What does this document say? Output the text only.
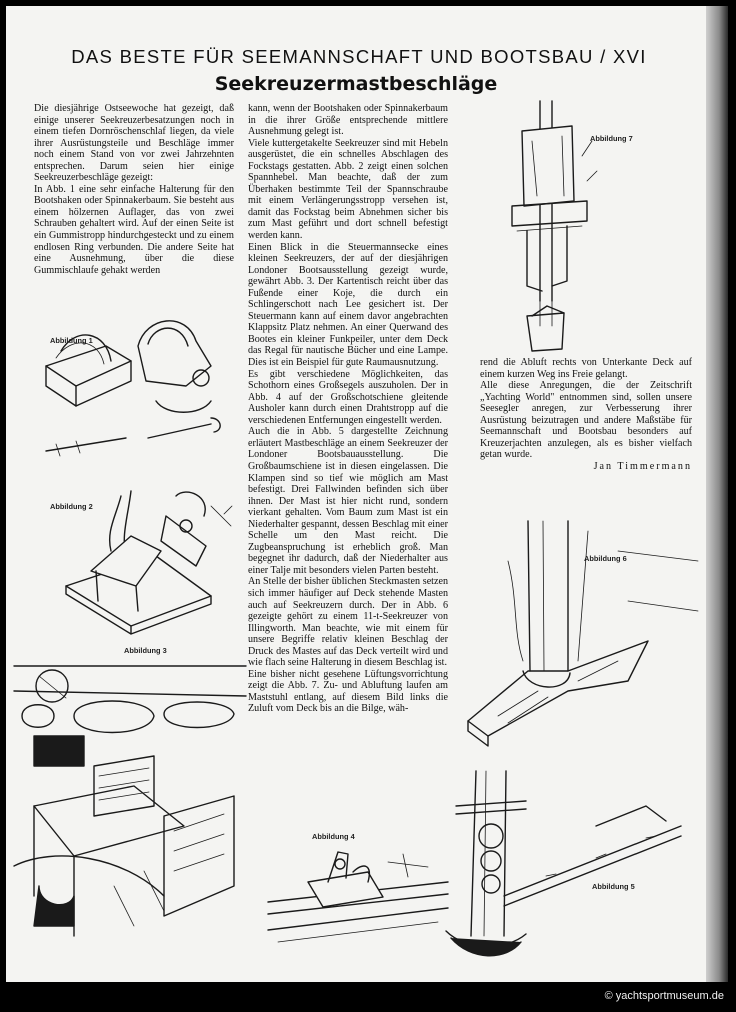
DAS BESTE FÜR SEEMANNSCHAFT UND BOOTSBAU / XVI
Seekreuzermastbeschläge

Die diesjährige Ostseewoche hat gezeigt, daß einige unserer Seekreuzerbesatzungen noch in einem tiefen Dornröschenschlaf liegen, da viele ihrer Ausrüstungsteile und Beschläge immer noch einem Stand von vor zwei Jahrzehnten entsprechen. Darum seien hier einige Seekreuzerbeschläge gezeigt:

In Abb. 1 eine sehr einfache Halterung für den Bootshaken oder Spinnakerbaum. Sie besteht aus einem hölzernen Auflager, das von zwei Schrauben gehaltert wird. Auf der einen Seite ist ein Gummistropp hindurchgesteckt und zu einem endlosen Ring verbunden. Die andere Seite hat eine Ausnehmung, über die diese Gummischlaufe gehakt werden

kann, wenn der Bootshaken oder Spinnakerbaum in die ihrer Größe entsprechende mittlere Ausnehmung gelegt ist.

Viele kuttergetakelte Seekreuzer sind mit Hebeln ausgerüstet, die ein schnelles Abschlagen des Fockstags gestatten. Abb. 2 zeigt einen solchen Spannhebel. Man beachte, daß der zum Überhaken bestimmte Teil der Spannschraube mit einem Verlängerungsstropp versehen ist, damit das Fockstag beim Abnehmen sicher bis zum Mast geführt und dort schnell befestigt werden kann.

Einen Blick in die Steuermannsecke eines kleinen Seekreuzers, der auf der diesjährigen Londoner Bootsausstellung gezeigt wurde, gewährt Abb. 3. Der Kartentisch reicht über das Fußende einer Koje, die durch ein Schlingerschott nach Lee gesichert ist. Der Steuermann kann auf einem davor angebrachten Klappsitz Platz nehmen. An einer Querwand des Bootes ein kleiner Funkpeiler, unter dem Deck das Regal für nautische Bücher und eine Lampe. Dies ist ein Beispiel für gute Raumausnutzung.

Es gibt verschiedene Möglichkeiten, das Schothorn eines Großsegels auszuholen. Der in Abb. 4 auf der Großschotschiene gleitende Ausholer kann durch einen Drahtstropp auf die verschiedenen Entfernungen eingestellt werden.

Auch die in Abb. 5 dargestellte Zeichnung erläutert Mastbeschläge an einem Seekreuzer der Londoner Bootsbauausstellung. Die Großbaumschiene ist in diesen eingelassen. Die Klampen sind so tief wie möglich am Mast befestigt. Drei Fallwinden befinden sich über ihnen. Der Mast ist hier nicht rund, sondern vierkant gehalten. Vom Baum zum Mast ist ein Niederhalter gespannt, dessen Beschlag mit einer Schelle um den Mast reicht. Die Zugbeanspruchung ist erheblich groß. Man begegnet ihr dadurch, daß der Niederhalter aus einer Talje mit besonders vielen Parten besteht.

An Stelle der bisher üblichen Steckmasten setzen sich immer häufiger auf Deck stehende Masten auch auf Seekreuzern durch. Der in Abb. 6 gezeigte gehört zu einem 11-t-Seekreuzer von Illingworth. Man beachte, wie mit einem für unsere Begriffe relativ kleinen Beschlag der Druck des Mastes auf das Deck verteilt wird und wie flach seine Halterung in diesem Beschlag ist.

Eine bisher nicht gesehene Lüftungsvorrichtung zeigt die Abb. 7. Zu- und Abluftung laufen am Maststuhl entlang, auf diesem Bild links die Zuluft vom Deck bis an die Bilge, wäh-

rend die Abluft rechts von Unterkante Deck auf einem kurzen Weg ins Freie gelangt.

Alle diese Anregungen, die der Zeitschrift „Yachting World" entnommen sind, sollen unsere Seesegler anregen, zur Verbesserung ihrer Ausrüstung beizutragen und andere Maßstäbe für Seemannschaft und Bootsbau besonders auf Kreuzerjachten anzulegen, als es bisher vielfach getan wurde.

Jan Timmermann
Abbildung 1
Abbildung 2
Abbildung 3
Abbildung 4
Abbildung 5
Abbildung 6
Abbildung 7
© yachtsportmuseum.de
